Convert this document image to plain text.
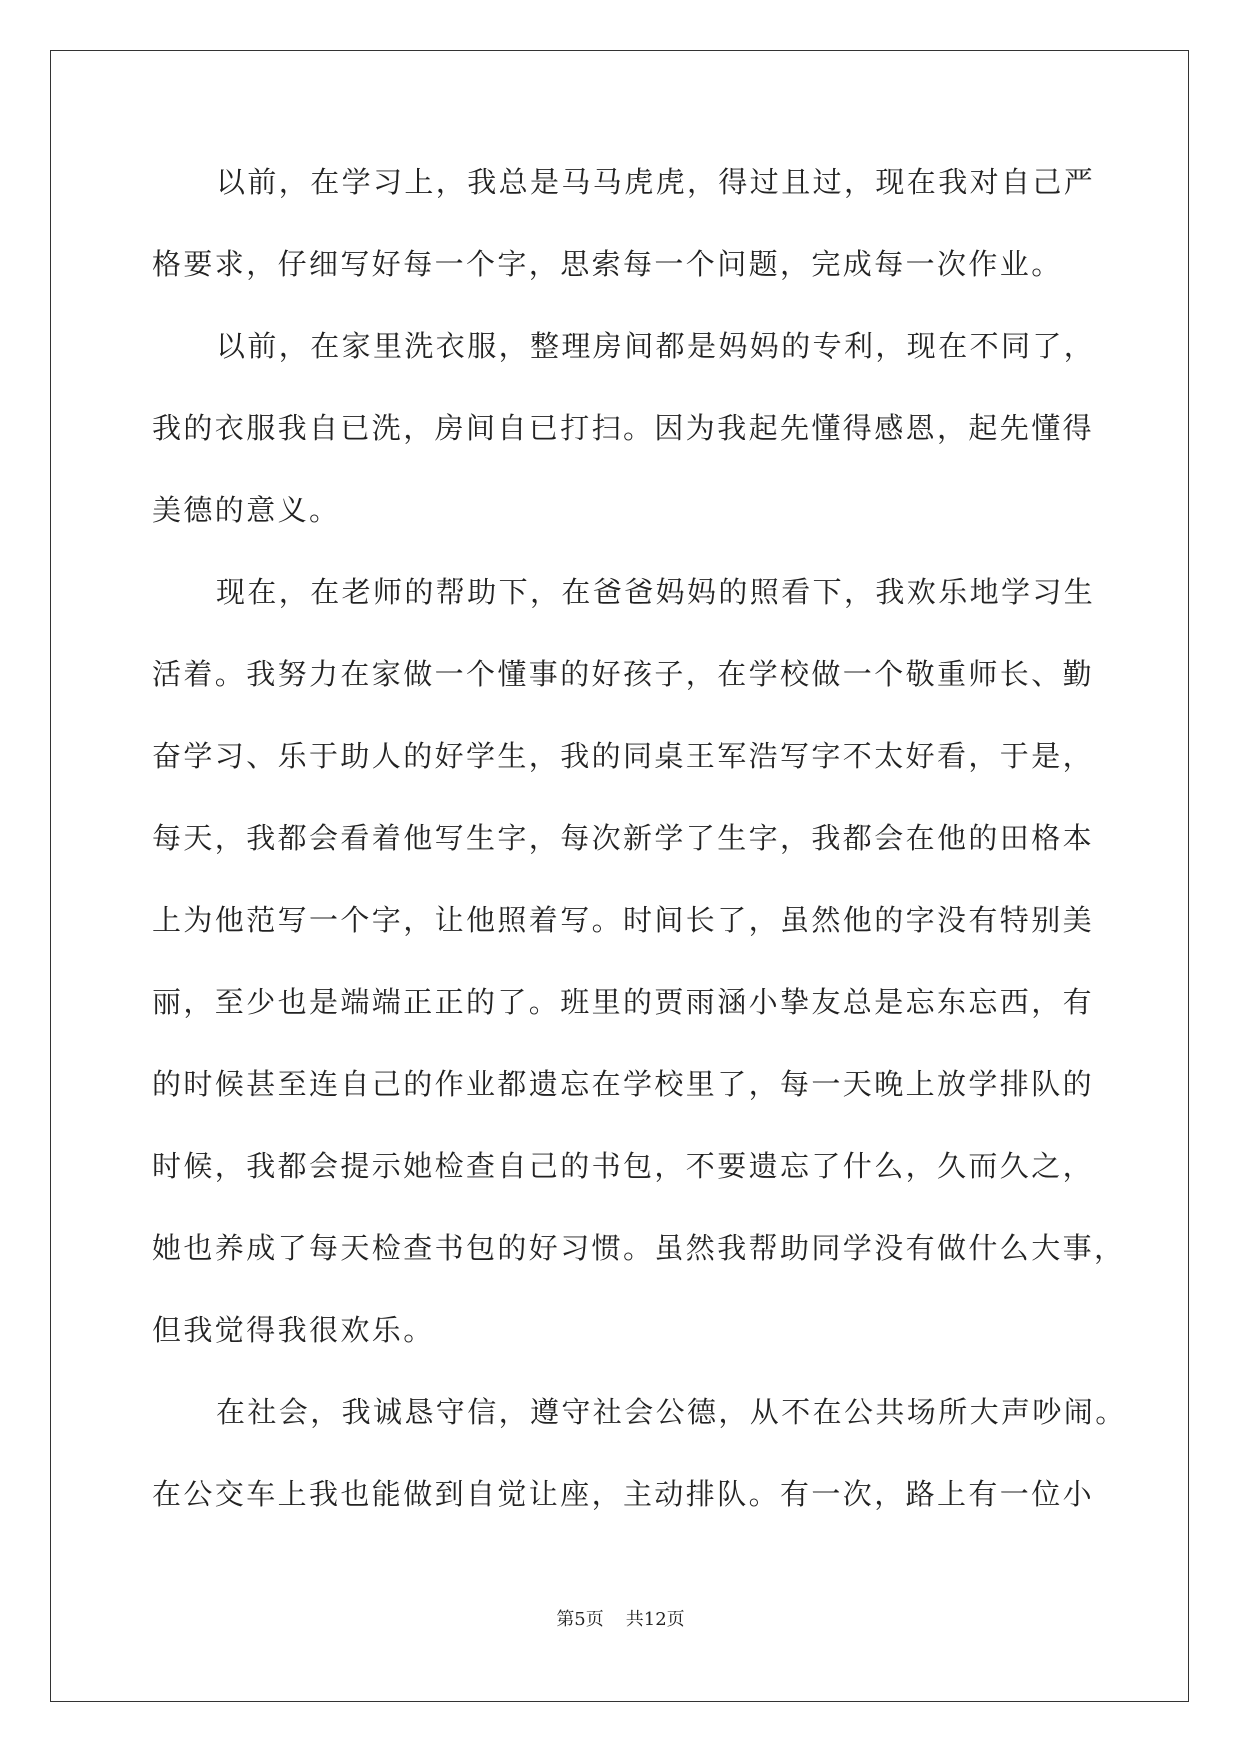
以前，在学习上，我总是马马虎虎，得过且过，现在我对自己严
格要求，仔细写好每一个字，思索每一个问题，完成每一次作业。
以前，在家里洗衣服，整理房间都是妈妈的专利，现在不同了，
我的衣服我自已洗，房间自已打扫。因为我起先懂得感恩，起先懂得
美德的意义。
现在，在老师的帮助下，在爸爸妈妈的照看下，我欢乐地学习生
活着。我努力在家做一个懂事的好孩子，在学校做一个敬重师长、勤
奋学习、乐于助人的好学生，我的同桌王军浩写字不太好看，于是，
每天，我都会看着他写生字，每次新学了生字，我都会在他的田格本
上为他范写一个字，让他照着写。时间长了，虽然他的字没有特别美
丽，至少也是端端正正的了。班里的贾雨涵小挚友总是忘东忘西，有
的时候甚至连自己的作业都遗忘在学校里了，每一天晚上放学排队的
时候，我都会提示她检查自己的书包，不要遗忘了什么，久而久之，
她也养成了每天检查书包的好习惯。虽然我帮助同学没有做什么大事，
但我觉得我很欢乐。
在社会，我诚恳守信，遵守社会公德，从不在公共场所大声吵闹。
在公交车上我也能做到自觉让座，主动排队。有一次，路上有一位小
第5页 共12页
